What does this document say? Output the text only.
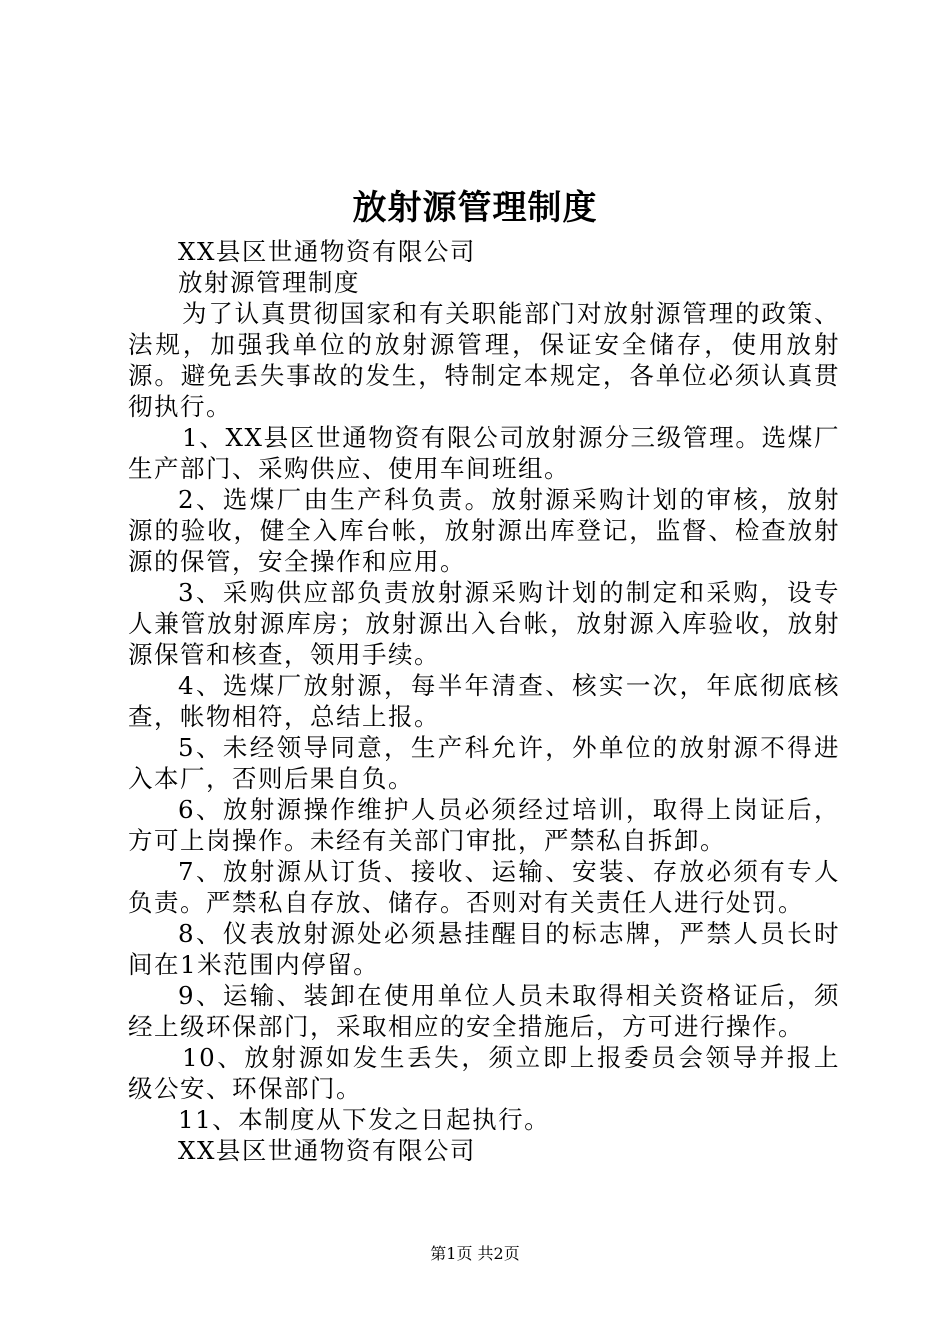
放射源管理制度

XX县区世通物资有限公司

放射源管理制度

为了认真贯彻国家和有关职能部门对放射源管理的政策、法规，加强我单位的放射源管理，保证安全储存，使用放射源。避免丢失事故的发生，特制定本规定，各单位必须认真贯彻执行。

1、XX县区世通物资有限公司放射源分三级管理。选煤厂生产部门、采购供应、使用车间班组。

2、选煤厂由生产科负责。放射源采购计划的审核，放射源的验收，健全入库台帐，放射源出库登记，监督、检查放射源的保管，安全操作和应用。

3、采购供应部负责放射源采购计划的制定和采购，设专人兼管放射源库房；放射源出入台帐，放射源入库验收，放射源保管和核查，领用手续。

4、选煤厂放射源，每半年清查、核实一次，年底彻底核查，帐物相符，总结上报。

5、未经领导同意，生产科允许，外单位的放射源不得进入本厂，否则后果自负。

6、放射源操作维护人员必须经过培训，取得上岗证后，方可上岗操作。未经有关部门审批，严禁私自拆卸。

7、放射源从订货、接收、运输、安装、存放必须有专人负责。严禁私自存放、储存。否则对有关责任人进行处罚。

8、仪表放射源处必须悬挂醒目的标志牌，严禁人员长时间在1米范围内停留。

9、运输、装卸在使用单位人员未取得相关资格证后，须经上级环保部门，采取相应的安全措施后，方可进行操作。

10、放射源如发生丢失，须立即上报委员会领导并报上级公安、环保部门。

11、本制度从下发之日起执行。

XX县区世通物资有限公司

第1页 共2页
